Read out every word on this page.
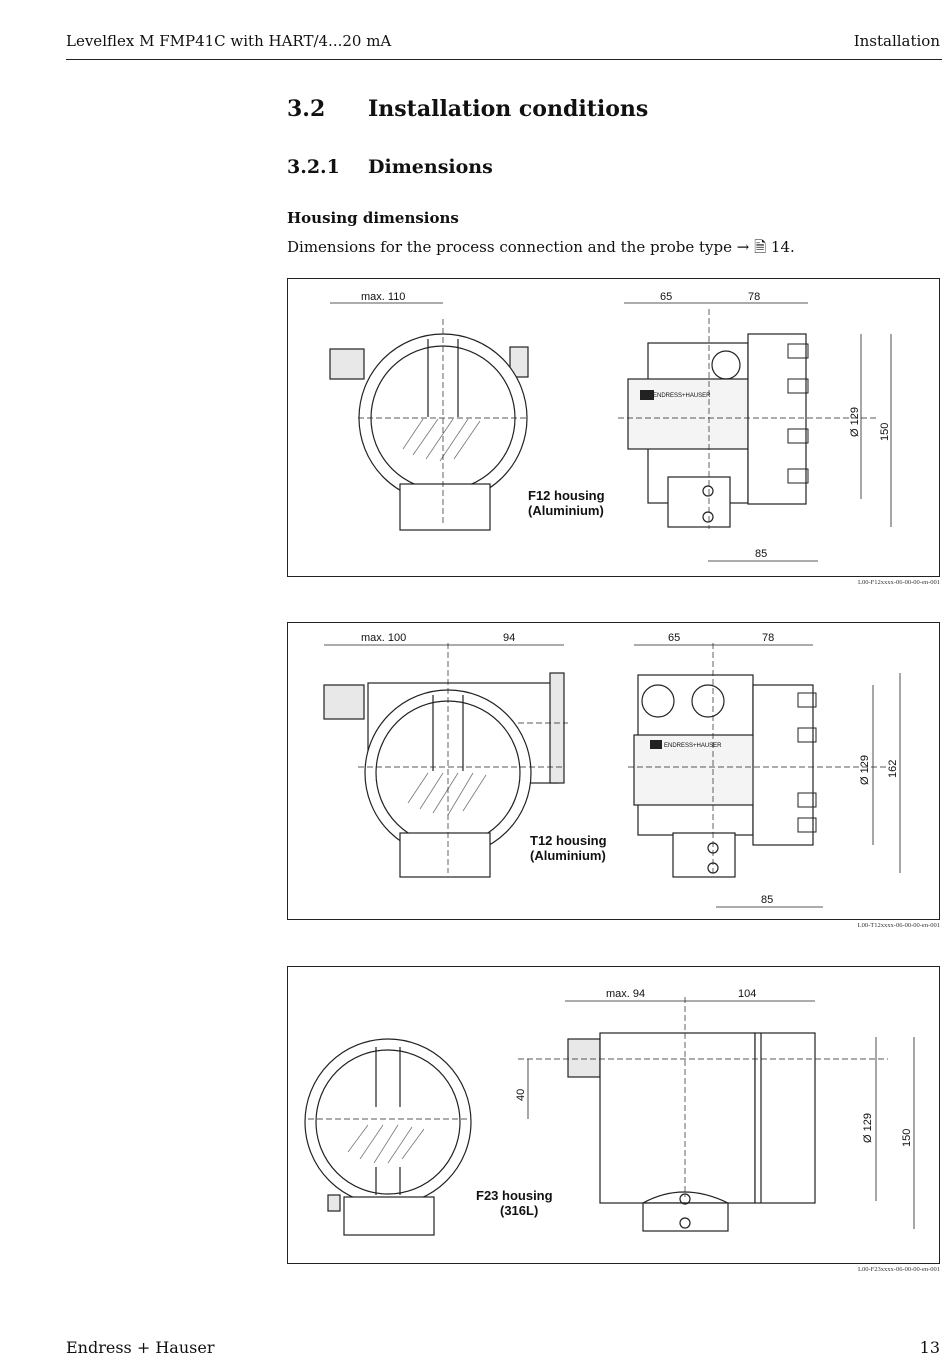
Levelflex M FMP41C with HART/4...20 mA	Installation
3.2 Installation conditions
3.2.1 Dimensions
Housing dimensions
Dimensions for the process connection and the probe type → 🗎 14.
ENDRESS+HAUSER
max. 110	65	78
Ø 129 150
85
F12 housing
(Aluminium)
L00-F12xxxx-06-00-00-en-001
ENDRESS+HAUSER
max. 100	94	65	78
Ø 129 162
85
T12 housing
(Aluminium)
L00-T12xxxx-06-00-00-en-001
max. 94	104
40
Ø 129 150
F23 housing
(316L)
L00-F23xxxx-06-00-00-en-001
Endress + Hauser	13
